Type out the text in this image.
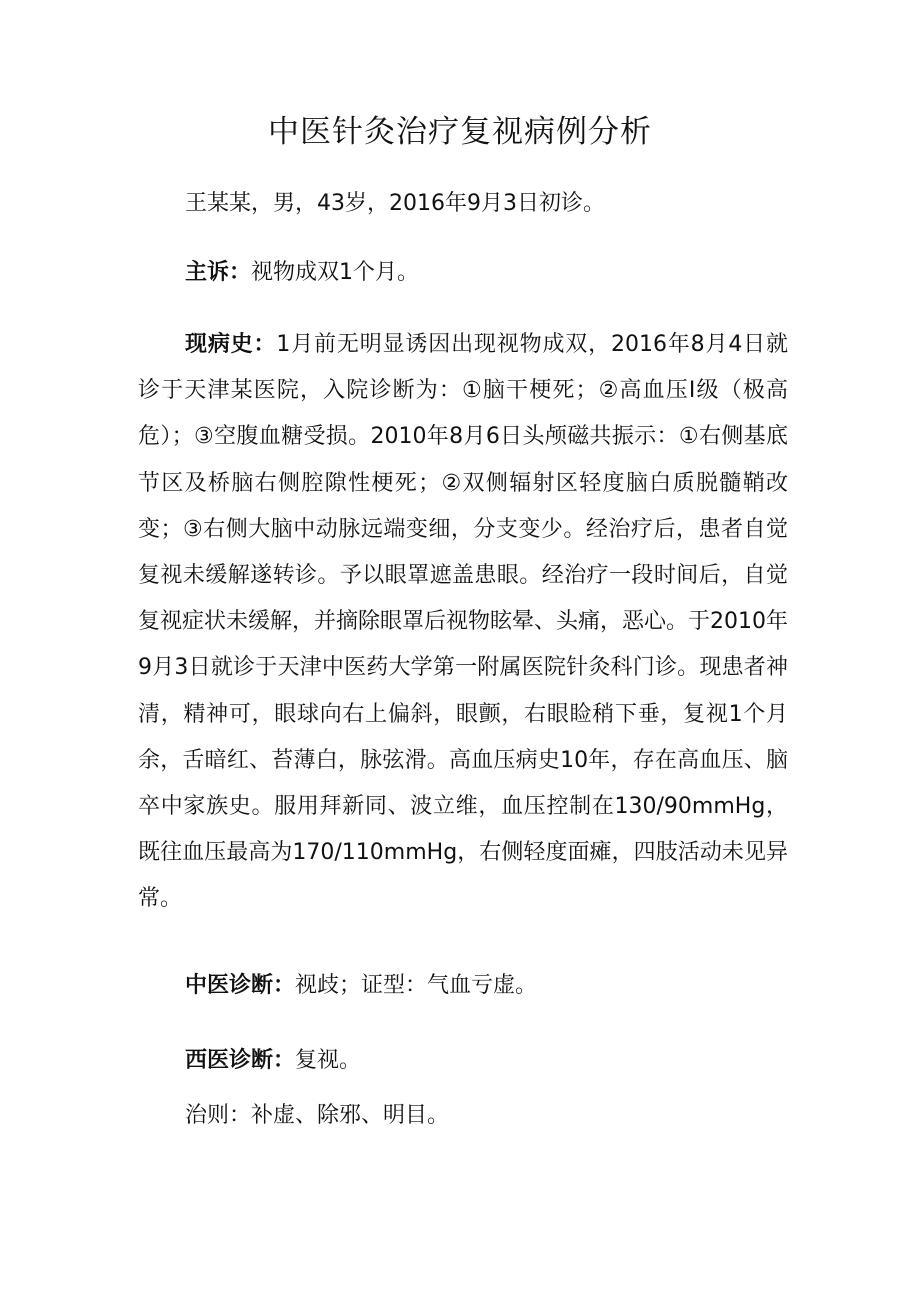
中医针灸治疗复视病例分析
王某某，男，43岁，2016年9月3日初诊。
主诉：视物成双1个月。

现病史：1月前无明显诱因出现视物成双，2016年8月4日就诊于天津某医院，入院诊断为：①脑干梗死；②高血压Ⅰ级（极高危）；③空腹血糖受损。2010年8月6日头颅磁共振示：①右侧基底节区及桥脑右侧腔隙性梗死；②双侧辐射区轻度脑白质脱髓鞘改变；③右侧大脑中动脉远端变细，分支变少。经治疗后，患者自觉复视未缓解遂转诊。予以眼罩遮盖患眼。经治疗一段时间后，自觉复视症状未缓解，并摘除眼罩后视物眩晕、头痛，恶心。于2010年9月3日就诊于天津中医药大学第一附属医院针灸科门诊。现患者神清，精神可，眼球向右上偏斜，眼颤，右眼睑稍下垂，复视1个月余，舌暗红、苔薄白，脉弦滑。高血压病史10年，存在高血压、脑卒中家族史。服用拜新同、波立维，血压控制在130/90mmHg，既往血压最高为170/110mmHg，右侧轻度面瘫，四肢活动未见异常。

中医诊断：视歧；证型：气血亏虚。
西医诊断：复视。
治则：补虚、除邪、明目。
